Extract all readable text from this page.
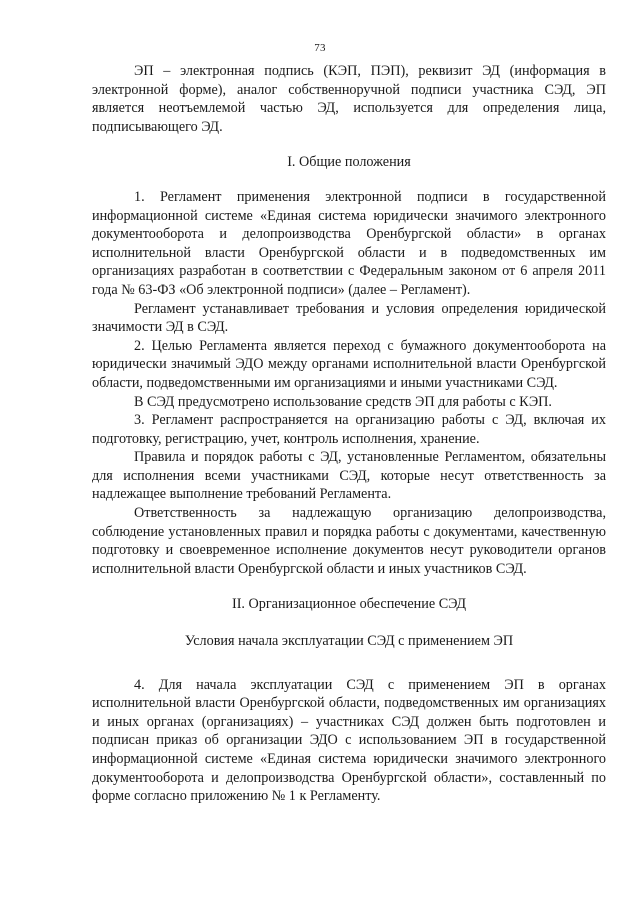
73

ЭП – электронная подпись (КЭП, ПЭП), реквизит ЭД (информация в электронной форме), аналог собственноручной подписи участника СЭД, ЭП является неотъемлемой частью ЭД, используется для определения лица, подписывающего ЭД.

I. Общие положения

1. Регламент применения электронной подписи в государственной информационной системе «Единая система юридически значимого электронного документооборота и делопроизводства Оренбургской области» в органах исполнительной власти Оренбургской области и в подведомственных им организациях разработан в соответствии с Федеральным законом от 6 апреля 2011 года № 63-ФЗ «Об электронной подписи» (далее – Регламент).

Регламент устанавливает требования и условия определения юридической значимости ЭД в СЭД.

2. Целью Регламента является переход с бумажного документооборота на юридически значимый ЭДО между органами исполнительной власти Оренбургской области, подведомственными им организациями и иными участниками СЭД.

В СЭД предусмотрено использование средств ЭП для работы с КЭП.

3. Регламент распространяется на организацию работы с ЭД, включая их подготовку, регистрацию, учет, контроль исполнения, хранение.

Правила и порядок работы с ЭД, установленные Регламентом, обязательны для исполнения всеми участниками СЭД, которые несут ответственность за надлежащее выполнение требований Регламента.

Ответственность за надлежащую организацию делопроизводства, соблюдение установленных правил и порядка работы с документами, качественную подготовку и своевременное исполнение документов несут руководители органов исполнительной власти Оренбургской области и иных участников СЭД.

II. Организационное обеспечение СЭД
Условия начала эксплуатации СЭД с применением ЭП

4. Для начала эксплуатации СЭД с применением ЭП в органах исполнительной власти Оренбургской области, подведомственных им организациях и иных органах (организациях) – участниках СЭД должен быть подготовлен и подписан приказ об организации ЭДО с использованием ЭП в государственной информационной системе «Единая система юридически значимого электронного документооборота и делопроизводства Оренбургской области», составленный по форме согласно приложению № 1 к Регламенту.
